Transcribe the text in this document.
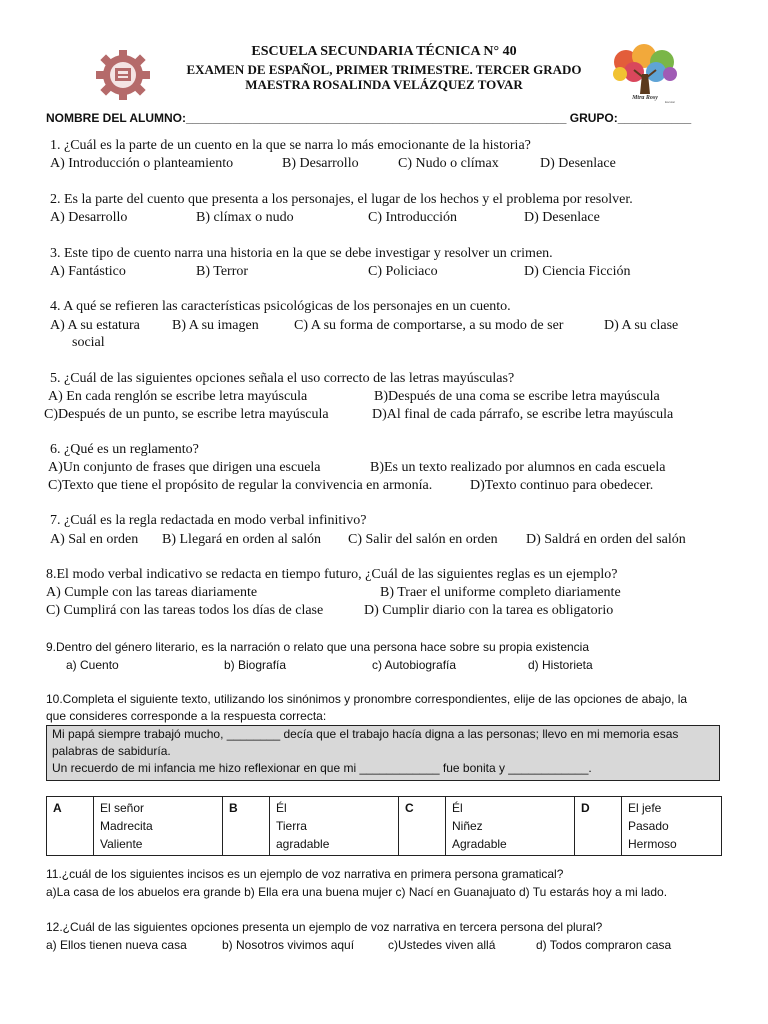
Mtra Rosy
Escolar
ESCUELA SECUNDARIA TÉCNICA N° 40
EXAMEN DE ESPAÑOL, PRIMER TRIMESTRE. TERCER GRADO
MAESTRA ROSALINDA VELÁZQUEZ TOVAR
NOMBRE DEL ALUMNO:_________________________________________________________ GRUPO:___________
1. ¿Cuál es la parte de un cuento en la que se narra lo más emocionante de la historia?
A) Introducción o planteamiento	B) Desarrollo	C) Nudo o clímax	D) Desenlace
2. Es la parte del cuento que presenta a los personajes, el lugar de los hechos y el problema por resolver.
A) Desarrollo	B) clímax o nudo	C) Introducción	D) Desenlace
3. Este tipo de cuento narra una historia en la que se debe investigar y resolver un crimen.
A) Fantástico	B) Terror	C) Policiaco	D) Ciencia Ficción
4. A qué se refieren las características psicológicas de los personajes en un cuento.
A) A su estatura B) A su imagen	C) A su forma de comportarse, a su modo de ser	D) A su clase
social
5. ¿Cuál de las siguientes opciones señala el uso correcto de las letras mayúsculas?
A) En cada renglón se escribe letra mayúscula	B)Después de una coma se escribe letra mayúscula
C)Después de un punto, se escribe letra mayúscula	D)Al final de cada párrafo, se escribe letra mayúscula
6. ¿Qué es un reglamento?
A)Un conjunto de frases que dirigen una escuela	B)Es un texto realizado por alumnos en cada escuela
C)Texto que tiene el propósito de regular la convivencia en armonía.	D)Texto continuo para obedecer.
7. ¿Cuál es la regla redactada en modo verbal infinitivo?
A) Sal en orden B) Llegará en orden al salón C) Salir del salón en orden D) Saldrá en orden del salón
8.El modo verbal indicativo se redacta en tiempo futuro, ¿Cuál de las siguientes reglas es un ejemplo?
A) Cumple con las tareas diariamente	B) Traer el uniforme completo diariamente
C) Cumplirá con las tareas todos los días de clase	D) Cumplir diario con la tarea es obligatorio
9.Dentro del género literario, es la narración o relato que una persona hace sobre su propia existencia
a) Cuento	b) Biografía	c) Autobiografía	d) Historieta
10.Completa el siguiente texto, utilizando los sinónimos y pronombre correspondientes, elije de las opciones de abajo, la
que consideres corresponde a la respuesta correcta:
Mi papá siempre trabajó mucho, ________ decía que el trabajo hacía digna a las personas; llevo en mi memoria esas
palabras de sabiduría.
Un recuerdo de mi infancia me hizo reflexionar en que mi ____________ fue bonita y ____________.
A	El señor
Madrecita
Valiente
	B	Él
Tierra
agradable
	C	Él
Niñez
Agradable
	D	El jefe
Pasado
Hermoso
11.¿cuál de los siguientes incisos es un ejemplo de voz narrativa en primera persona gramatical?
a)La casa de los abuelos era grande b) Ella era una buena mujer c) Nací en Guanajuato d) Tu estarás hoy a mi lado.
12.¿Cuál de las siguientes opciones presenta un ejemplo de voz narrativa en tercera persona del plural?
a) Ellos tienen nueva casa	b) Nosotros vivimos aquí	c)Ustedes viven allá	d) Todos compraron casa
